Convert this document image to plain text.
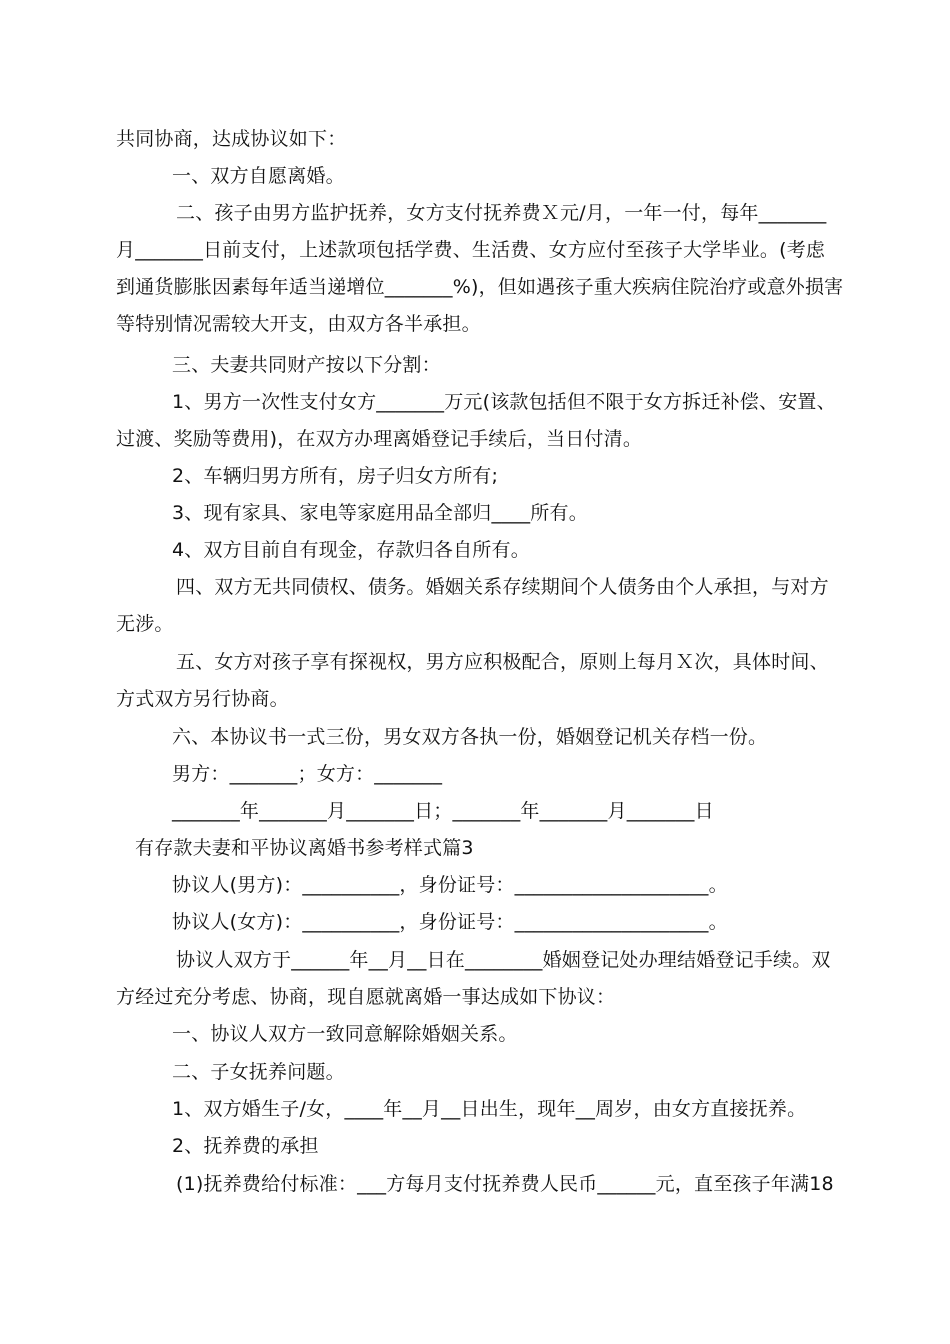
共同协商，达成协议如下：
一、双方自愿离婚。
二、孩子由男方监护抚养，女方支付抚养费Ｘ元/月，一年一付，每年_______
月_______日前支付，上述款项包括学费、生活费、女方应付至孩子大学毕业。(考虑
到通货膨胀因素每年适当递增位_______%)，但如遇孩子重大疾病住院治疗或意外损害
等特别情况需较大开支，由双方各半承担。
三、夫妻共同财产按以下分割：
1、男方一次性支付女方_______万元(该款包括但不限于女方拆迁补偿、安置、
过渡、奖励等费用)，在双方办理离婚登记手续后，当日付清。
2、车辆归男方所有，房子归女方所有;
3、现有家具、家电等家庭用品全部归____所有。
4、双方目前自有现金，存款归各自所有。
四、双方无共同债权、债务。婚姻关系存续期间个人债务由个人承担，与对方
无涉。
五、女方对孩子享有探视权，男方应积极配合，原则上每月Ｘ次，具体时间、
方式双方另行协商。
六、本协议书一式三份，男女双方各执一份，婚姻登记机关存档一份。
男方：_______；女方：_______
_______年_______月_______日；_______年_______月_______日
有存款夫妻和平协议离婚书参考样式篇3
协议人(男方)：__________，身份证号：____________________。
协议人(女方)：__________，身份证号：____________________。
协议人双方于______年__月__日在________婚姻登记处办理结婚登记手续。双
方经过充分考虑、协商，现自愿就离婚一事达成如下协议：
一、协议人双方一致同意解除婚姻关系。
二、子女抚养问题。
1、双方婚生子/女，____年__月__日出生，现年__周岁，由女方直接抚养。
2、抚养费的承担
(1)抚养费给付标准：___方每月支付抚养费人民币______元，直至孩子年满18
